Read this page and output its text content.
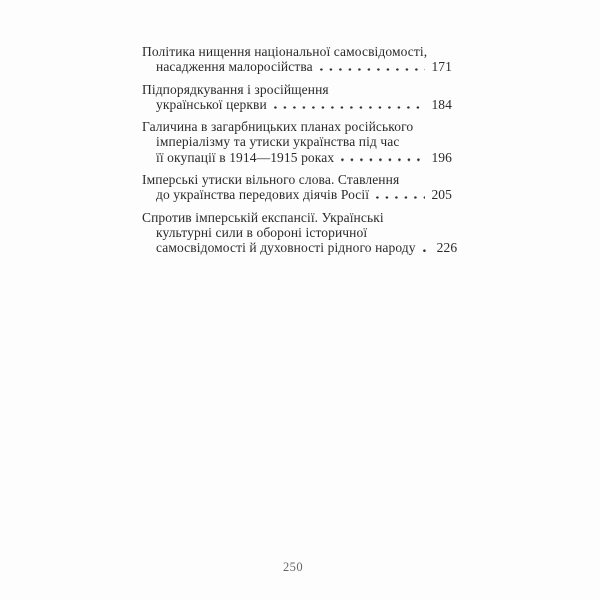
Політика нищення національної самосвідомості,
насадження малоросійства	171
Підпорядкування і зросійщення
української церкви	184
Галичина в загарбницьких планах російського
імперіалізму та утиски українства під час
її окупації в 1914—1915 роках	196
Імперські утиски вільного слова. Ставлення
до українства передових діячів Росії	205
Спротив імперській експансії. Українські
культурні сили в обороні історичної
самосвідомості й духовності рідного народу 226
250
